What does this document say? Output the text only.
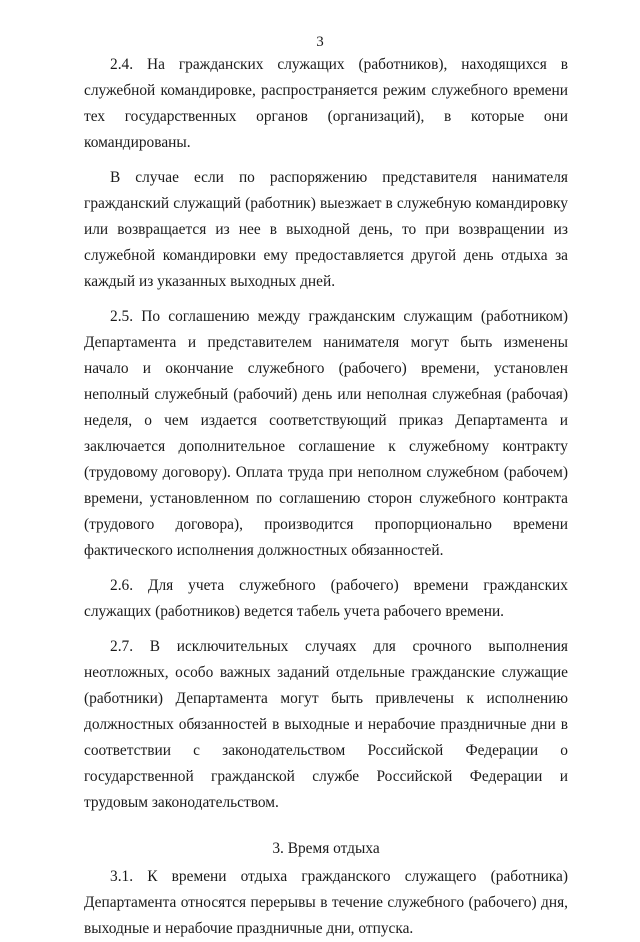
3

2.4. На гражданских служащих (работников), находящихся в служебной командировке, распространяется режим служебного времени тех государственных органов (организаций), в которые они командированы.

В случае если по распоряжению представителя нанимателя гражданский служащий (работник) выезжает в служебную командировку или возвращается из нее в выходной день, то при возвращении из служебной командировки ему предоставляется другой день отдыха за каждый из указанных выходных дней.

2.5. По соглашению между гражданским служащим (работником) Департамента и представителем нанимателя могут быть изменены начало и окончание служебного (рабочего) времени, установлен неполный служебный (рабочий) день или неполная служебная (рабочая) неделя, о чем издается соответствующий приказ Департамента и заключается дополнительное соглашение к служебному контракту (трудовому договору). Оплата труда при неполном служебном (рабочем) времени, установленном по соглашению сторон служебного контракта (трудового договора), производится пропорционально времени фактического исполнения должностных обязанностей.

2.6. Для учета служебного (рабочего) времени гражданских служащих (работников) ведется табель учета рабочего времени.

2.7. В исключительных случаях для срочного выполнения неотложных, особо важных заданий отдельные гражданские служащие (работники) Департамента могут быть привлечены к исполнению должностных обязанностей в выходные и нерабочие праздничные дни в соответствии с законодательством Российской Федерации о государственной гражданской службе Российской Федерации и трудовым законодательством.

3. Время отдыха

3.1. К времени отдыха гражданского служащего (работника) Департамента относятся перерывы в течение служебного (рабочего) дня, выходные и нерабочие праздничные дни, отпуска.
